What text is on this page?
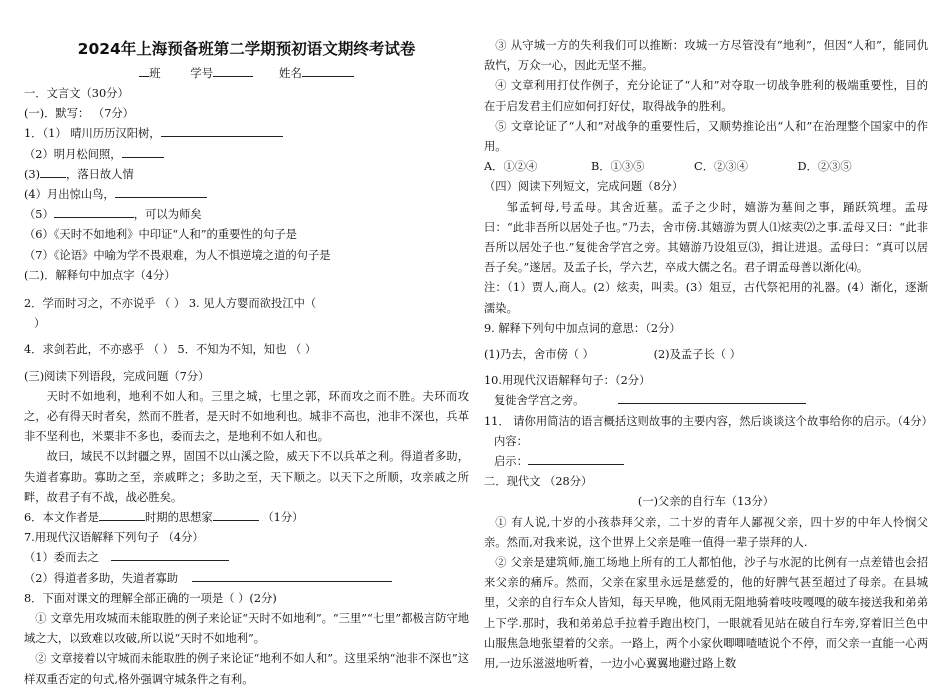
2024年上海预备班第二学期预初语文期终考试卷
班	学号	姓名
一．文言文（30分）
(一)．默写： （7分）
1．（1） 晴川历历汉阳树，
（2）明月松间照，
(3) ，落日故人情
(4）月出惊山鸟，
（5）	，可以为师矣
（6）《天时不如地利》中印证“人和”的重要性的句子是
（7）《论语》中喻为学不畏艰难，为人不惧逆境之道的句子是
(二)．解释句中加点字（4分）
2．学而时习之，不亦说乎 （ ） 3. 见人方婴而欲投江中（
）
4．求剑若此，不亦惑乎 （ ） 5．不知为不知，知也 （ ）
(三)阅读下列语段，完成问题（7分）

天时不如地利，地利不如人和。三里之城，七里之郭，环而攻之而不胜。夫环而攻之，必有得天时者矣，然而不胜者，是天时不如地利也。城非不高也，池非不深也，兵革非不坚利也，米粟非不多也，委而去之，是地利不如人和也。

故曰，域民不以封疆之界，固国不以山溪之险，威天下不以兵革之利。得道者多助，失道者寡助。寡助之至，亲戚畔之；多助之至，天下顺之。以天下之所顺，攻亲戚之所畔，故君子有不战，战必胜矣。

6．本文作者是	时期的思想家	（1分）
7.用现代汉语解释下列句子 （4分）
（1）委而去之
（2）得道者多助，失道者寡助
8．下面对课文的理解全部正确的一项是（ ）(2分)
① 文章先用攻城而未能取胜的例子来论证“天时不如地利”。“三里”“七里”都极言防守地域之大，以致难以攻破,所以说“天时不如地利”。
② 文章接着以守城而未能取胜的例子来论证“地利不如人和”。这里采纳“池非不深也”这样双重否定的句式,格外强调守城条件之有利。
③ 从守城一方的失利我们可以推断：攻城一方尽管没有“地利”，但因“人和”，能同仇敌忾，万众一心，因此无坚不摧。
④ 文章利用打仗作例子，充分论证了“人和”对夺取一切战争胜利的极端重要性，目的在于启发君主们应如何打好仗，取得战争的胜利。
⑤ 文章论证了“人和”对战争的重要性后，又顺势推论出“人和”在治理整个国家中的作用。
A．①②④	B．①③⑤	C．②③④	D．②③⑤
（四）阅读下列短文，完成问题（8分）
邹孟轲母,号孟母。其舍近墓。孟子之少时，嬉游为墓间之事，踊跃筑埋。孟母曰：“此非吾所以居处子也。”乃去，舍市傍.其嬉游为贾人⑴炫卖⑵之事.孟母又曰：“此非吾所以居处子也.”复徙舍学宫之旁。其嬉游乃设俎豆⑶，揖让进退。孟母曰：“真可以居吾子矣。”遂居。及孟子长，学六艺，卒成大儒之名。君子谓孟母善以渐化⑷。
注：（1）贾人,商人。(2）炫卖，叫卖。(3）俎豆，古代祭祀用的礼器。(4）渐化，逐渐濡染。
9. 解释下列句中加点词的意思：（2分）
(1)乃去，舍市傍（ ）	(2)及孟子长（ ）
10.用现代汉语解释句子：（2分）
复徙舍学宫之旁。
11． 请你用简洁的语言概括这则故事的主要内容，然后谈谈这个故事给你的启示。（4分）
内容：
启示：
二．现代文 （28分）
(一)父亲的自行车（13分）
① 有人说,十岁的小孩恭拜父亲，二十岁的青年人鄙视父亲，四十岁的中年人怜悯父亲。然而,对我来说，这个世界上父亲是唯一值得一辈子崇拜的人.
② 父亲是建筑师,施工场地上所有的工人都怕他，沙子与水泥的比例有一点差错也会招来父亲的痛斥。然而，父亲在家里永远是慈爱的，他的好脾气甚至超过了母亲。在县城里，父亲的自行车众人皆知，每天早晚，他风雨无阻地骑着吱吱嘎嘎的破车接送我和弟弟上下学.那时，我和弟弟总手拉着手跑出校门，一眼就看见站在破自行车旁,穿着旧兰色中山服焦急地张望着的父亲。一路上，两个小家伙唧唧喳喳说个不停，而父亲一直能一心两用,一边乐滋滋地听着，一边小心翼翼地避过路上数
